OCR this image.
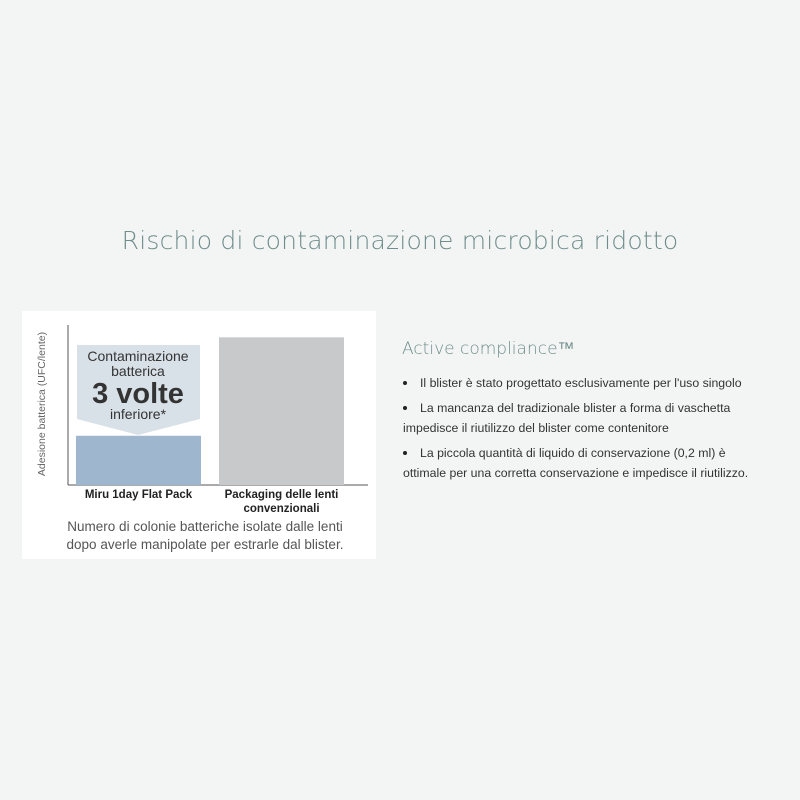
Rischio di contaminazione microbica ridotto
Adesione batterica (UFC/lente)	Contaminazione
batterica
3 volte
inferiore*
Miru 1day Flat Pack	Packaging delle lenti
convenzionali
Numero di colonie batteriche isolate dalle lenti
dopo averle manipolate per estrarle dal blister.
Active compliance™
Il blister è stato progettato esclusivamente per l'uso singolo
La mancanza del tradizionale blister a forma di vaschetta impedisce il riutilizzo del blister come contenitore
La piccola quantità di liquido di conservazione (0,2 ml) è ottimale per una corretta conservazione e impedisce il riutilizzo.
